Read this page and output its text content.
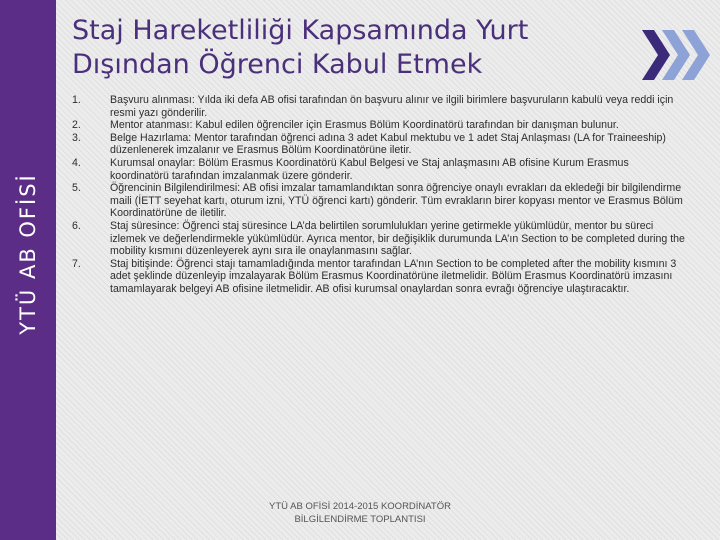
YTÜ AB OFİSİ
Staj Hareketliliği Kapsamında Yurt
Dışından Öğrenci Kabul Etmek
1.	Başvuru alınması: Yılda iki defa AB ofisi tarafından ön başvuru alınır ve ilgili birimlere başvuruların kabulü veya reddi için resmi yazı gönderilir.
2.	Mentor atanması: Kabul edilen öğrenciler için Erasmus Bölüm Koordinatörü tarafından bir danışman bulunur.
3.	Belge Hazırlama: Mentor tarafından öğrenci adına 3 adet Kabul mektubu ve 1 adet Staj Anlaşması (LA for Traineeship) düzenlenerek imzalanır ve Erasmus Bölüm Koordinatörüne iletir.
4.	Kurumsal onaylar: Bölüm Erasmus Koordinatörü Kabul Belgesi ve Staj anlaşmasını AB ofisine Kurum Erasmus koordinatörü tarafından imzalanmak üzere gönderir.
5.	Öğrencinin Bilgilendirilmesi: AB ofisi imzalar tamamlandıktan sonra öğrenciye onaylı evrakları da ekledeği bir bilgilendirme maili (İETT seyehat kartı, oturum izni, YTÜ öğrenci kartı) gönderir. Tüm evrakların birer kopyası mentor ve Erasmus Bölüm Koordinatörüne de iletilir.
6.	Staj süresince: Öğrenci staj süresince LA’da belirtilen sorumlulukları yerine getirmekle yükümlüdür, mentor bu süreci izlemek ve değerlendirmekle yükümlüdür. Ayrıca mentor, bir değişiklik durumunda LA’ın Section to be completed during the mobility kısmını düzenleyerek aynı sıra ile onaylanmasını sağlar.
7.	Staj bitişinde: Öğrenci stajı tamamladığında mentor tarafından LA’nın Section to be completed after the mobility kısmını 3 adet şeklinde düzenleyip imzalayarak Bölüm Erasmus Koordinatörüne iletmelidir. Bölüm Erasmus Koordinatörü imzasını tamamlayarak belgeyi AB ofisine iletmelidir. AB ofisi kurumsal onaylardan sonra evrağı öğrenciye ulaştıracaktır.
YTÜ AB OFİSİ 2014-2015 KOORDİNATÖR
BİLGİLENDİRME TOPLANTISI
